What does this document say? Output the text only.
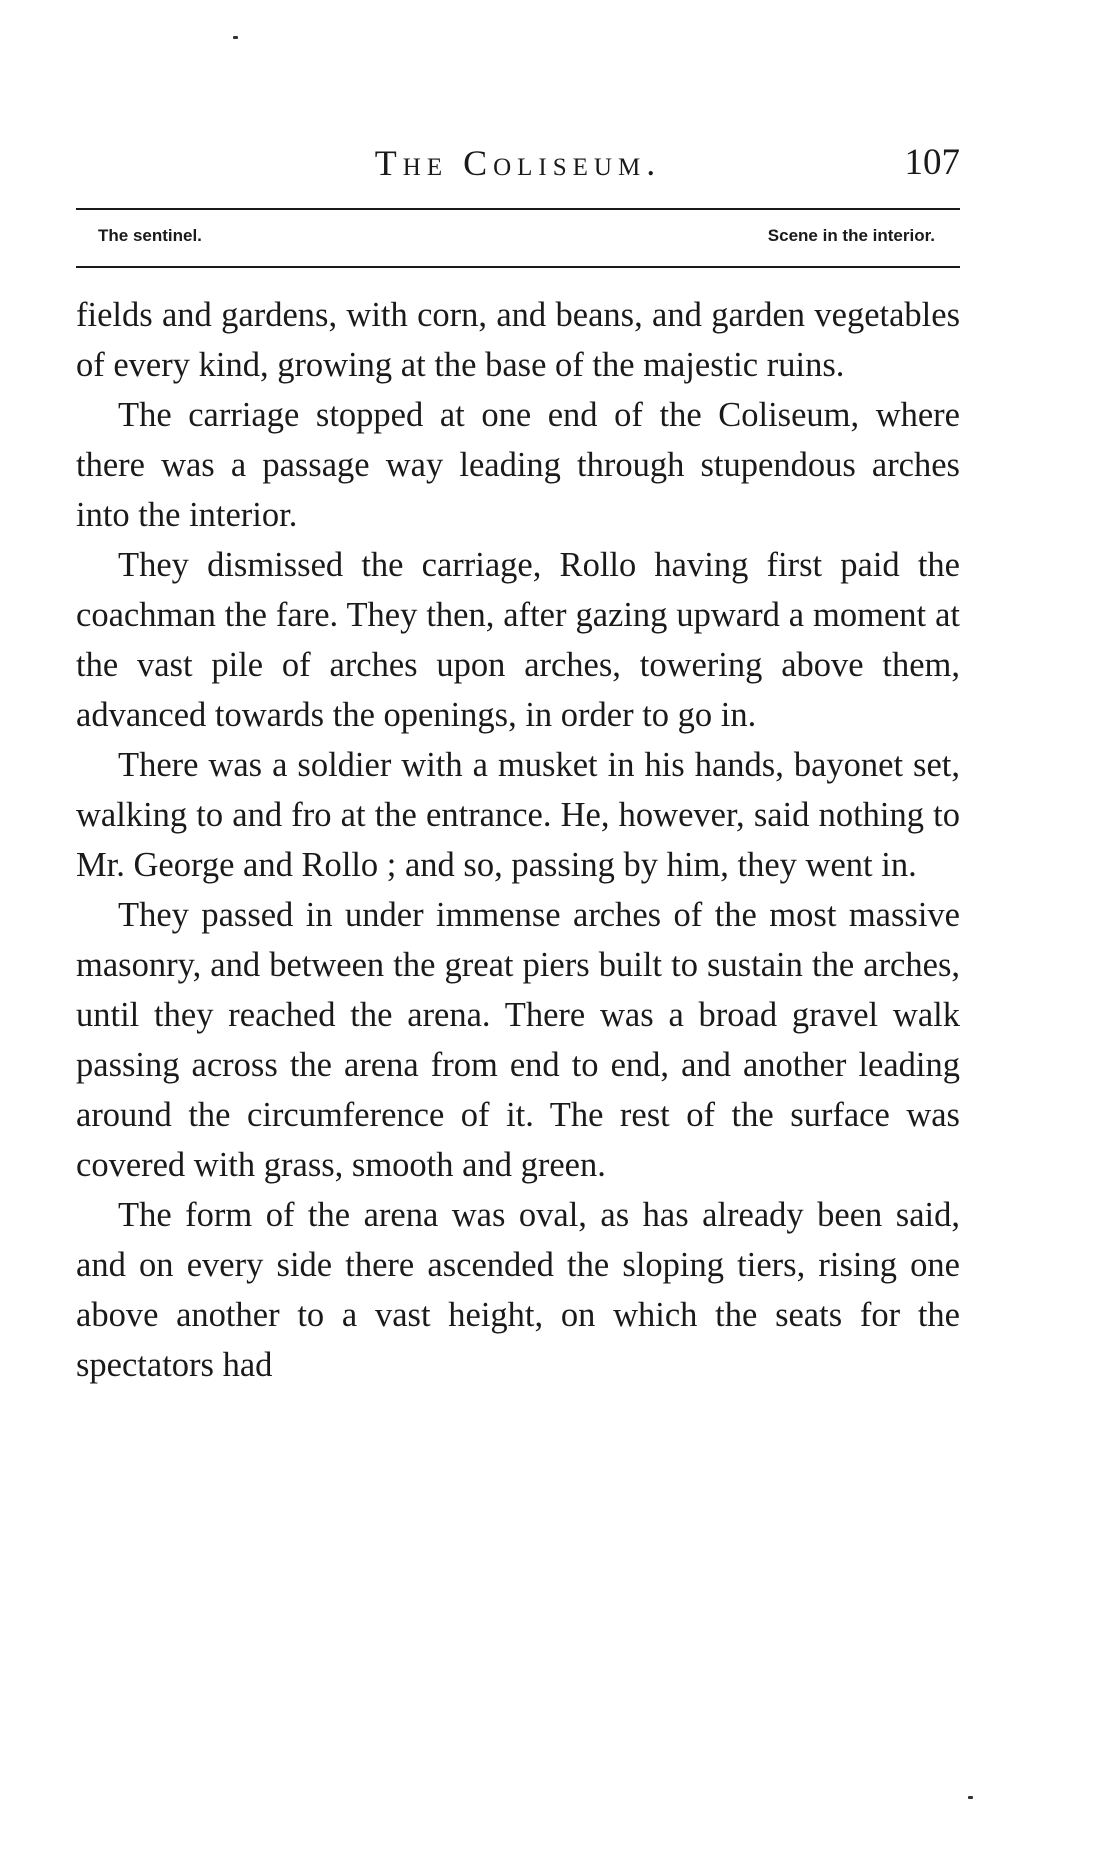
The Coliseum.	107
The sentinel.	Scene in the interior.

fields and gardens, with corn, and beans, and garden vegetables of every kind, growing at the base of the majestic ruins.

The carriage stopped at one end of the Coliseum, where there was a passage way leading through stupendous arches into the interior.

They dismissed the carriage, Rollo having first paid the coachman the fare. They then, after gazing upward a moment at the vast pile of arches upon arches, towering above them, advanced towards the openings, in order to go in.

There was a soldier with a musket in his hands, bayonet set, walking to and fro at the entrance. He, however, said nothing to Mr. George and Rollo ; and so, passing by him, they went in.

They passed in under immense arches of the most massive masonry, and between the great piers built to sustain the arches, until they reached the arena. There was a broad gravel walk passing across the arena from end to end, and another leading around the circumference of it. The rest of the surface was covered with grass, smooth and green.

The form of the arena was oval, as has already been said, and on every side there ascended the sloping tiers, rising one above another to a vast height, on which the seats for the spectators had
